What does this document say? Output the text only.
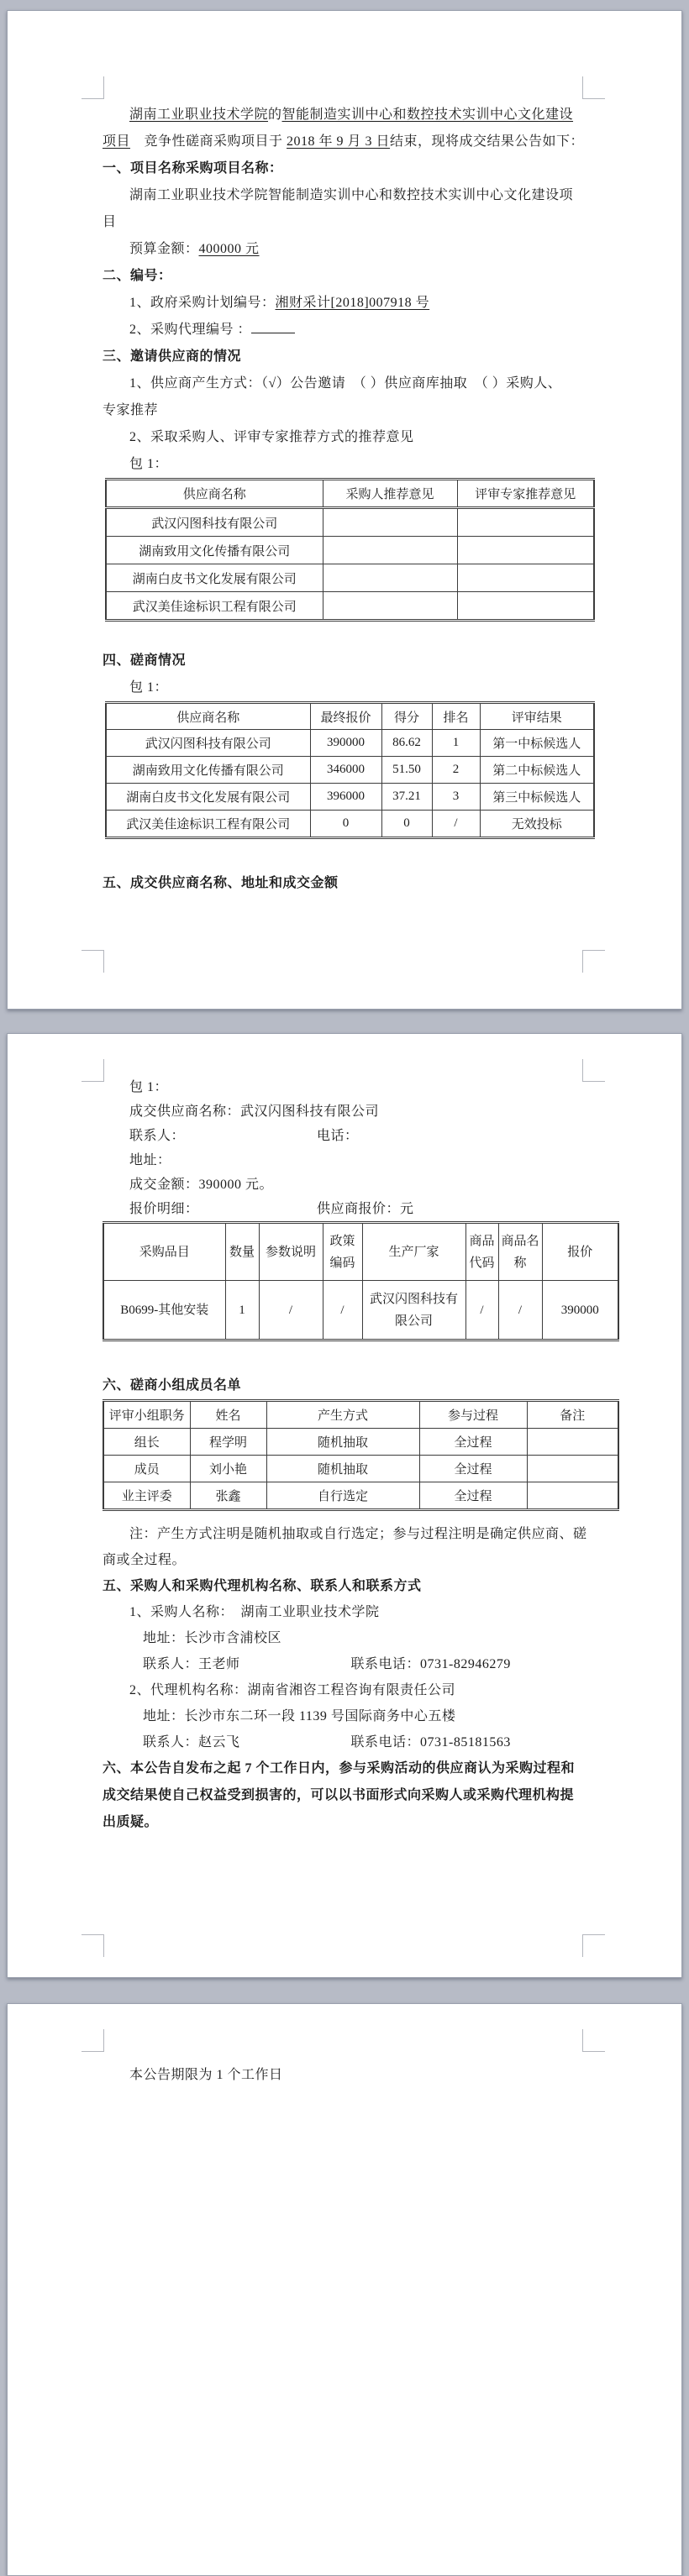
湖南工业职业技术学院的智能制造实训中心和数控技术实训中心文化建设
项目　竞争性磋商采购项目于 2018 年 9 月 3 日结束，现将成交结果公告如下：
一、项目名称采购项目名称：
湖南工业职业技术学院智能制造实训中心和数控技术实训中心文化建设项
目
预算金额：400000 元
二、编号：
1、政府采购计划编号：湘财采计[2018]007918 号
2、采购代理编号 ：
三、邀请供应商的情况
1、供应商产生方式：（√）公告邀请　（ ）供应商库抽取　（ ）采购人、
专家推荐
2、采取采购人、评审专家推荐方式的推荐意见
包 1：
供应商名称	采购人推荐意见	评审专家推荐意见
武汉闪图科技有限公司		
湖南致用文化传播有限公司		
湖南白皮书文化发展有限公司		
武汉美佳途标识工程有限公司		
四、磋商情况
包 1：
供应商名称	最终报价	得分	排名	评审结果
武汉闪图科技有限公司	390000	86.62	1	第一中标候选人
湖南致用文化传播有限公司	346000	51.50	2	第二中标候选人
湖南白皮书文化发展有限公司	396000	37.21	3	第三中标候选人
武汉美佳途标识工程有限公司	0	0	/	无效投标
五、成交供应商名称、地址和成交金额
包 1：
成交供应商名称：武汉闪图科技有限公司
联系人：　　　　　　　　　　电话：
地址：
成交金额：390000 元。
报价明细：　　　　　　　　　供应商报价：元
采购品目	数量	参数说明	政策编码	生产厂家	商品代码	商品名称	报价
B0699-其他安装	1	/	/	武汉闪图科技有限公司	/	/	390000
六、磋商小组成员名单
评审小组职务	姓名	产生方式	参与过程	备注
组长	程学明	随机抽取	全过程	
成员	刘小艳	随机抽取	全过程	
业主评委	张鑫	自行选定	全过程	
注：产生方式注明是随机抽取或自行选定；参与过程注明是确定供应商、磋
商或全过程。
五、采购人和采购代理机构名称、联系人和联系方式
1、采购人名称：　湖南工业职业技术学院
地址：长沙市含浦校区
联系人：王老师　　　　　　　　联系电话：0731-82946279
2、代理机构名称：湖南省湘咨工程咨询有限责任公司
地址：长沙市东二环一段 1139 号国际商务中心五楼
联系人：赵云飞　　　　　　　　联系电话：0731-85181563
六、本公告自发布之起 7 个工作日内，参与采购活动的供应商认为采购过程和
成交结果使自己权益受到损害的，可以以书面形式向采购人或采购代理机构提
出质疑。
本公告期限为 1 个工作日
